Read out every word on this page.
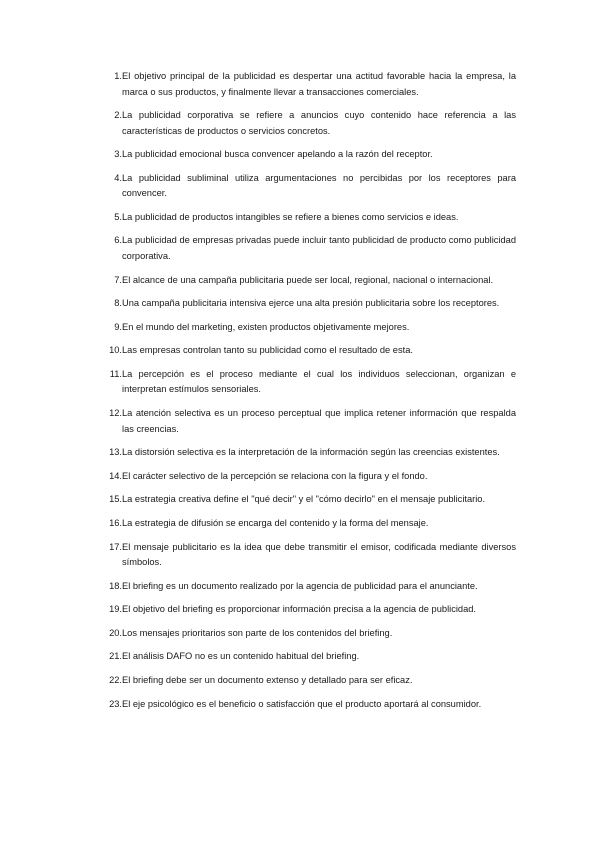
1. El objetivo principal de la publicidad es despertar una actitud favorable hacia la empresa, la marca o sus productos, y finalmente llevar a transacciones comerciales.
2. La publicidad corporativa se refiere a anuncios cuyo contenido hace referencia a las características de productos o servicios concretos.
3. La publicidad emocional busca convencer apelando a la razón del receptor.
4. La publicidad subliminal utiliza argumentaciones no percibidas por los receptores para convencer.
5. La publicidad de productos intangibles se refiere a bienes como servicios e ideas.
6. La publicidad de empresas privadas puede incluir tanto publicidad de producto como publicidad corporativa.
7. El alcance de una campaña publicitaria puede ser local, regional, nacional o internacional.
8. Una campaña publicitaria intensiva ejerce una alta presión publicitaria sobre los receptores.
9. En el mundo del marketing, existen productos objetivamente mejores.
10. Las empresas controlan tanto su publicidad como el resultado de esta.
11. La percepción es el proceso mediante el cual los individuos seleccionan, organizan e interpretan estímulos sensoriales.
12. La atención selectiva es un proceso perceptual que implica retener información que respalda las creencias.
13. La distorsión selectiva es la interpretación de la información según las creencias existentes.
14. El carácter selectivo de la percepción se relaciona con la figura y el fondo.
15. La estrategia creativa define el "qué decir" y el "cómo decirlo" en el mensaje publicitario.
16. La estrategia de difusión se encarga del contenido y la forma del mensaje.
17. El mensaje publicitario es la idea que debe transmitir el emisor, codificada mediante diversos símbolos.
18. El briefing es un documento realizado por la agencia de publicidad para el anunciante.
19. El objetivo del briefing es proporcionar información precisa a la agencia de publicidad.
20. Los mensajes prioritarios son parte de los contenidos del briefing.
21. El análisis DAFO no es un contenido habitual del briefing.
22. El briefing debe ser un documento extenso y detallado para ser eficaz.
23. El eje psicológico es el beneficio o satisfacción que el producto aportará al consumidor.
